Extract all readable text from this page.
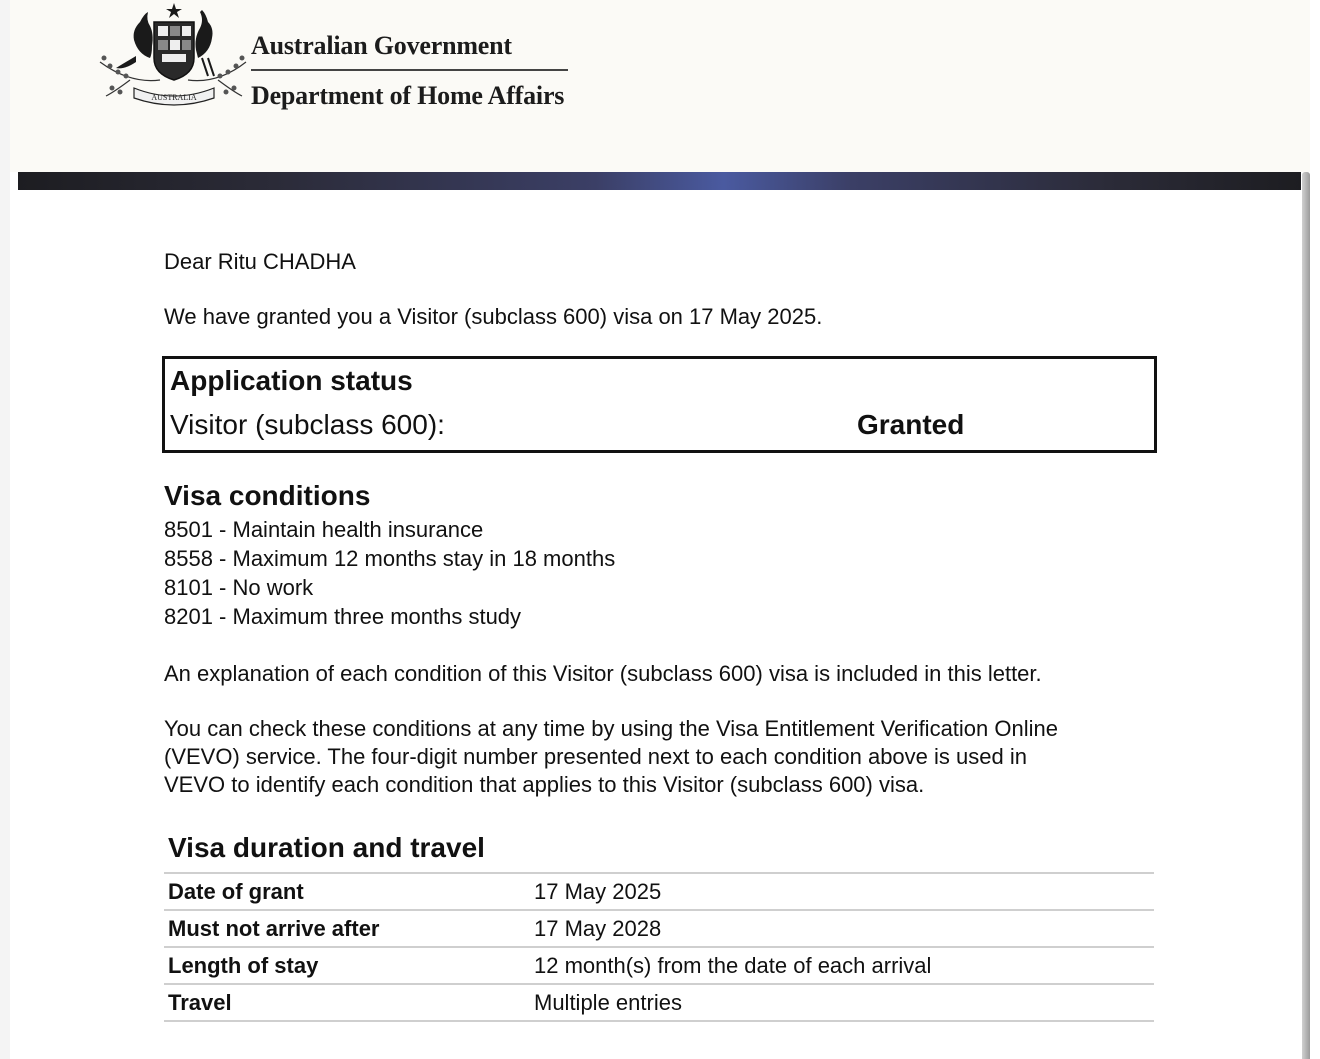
AUSTRALIA
Australian Government
Department of Home Affairs
Dear Ritu CHADHA
We have granted you a Visitor (subclass 600) visa on 17 May 2025.
Application status
Visitor (subclass 600):	Granted
Visa conditions
8501 - Maintain health insurance
8558 - Maximum 12 months stay in 18 months
8101 - No work
8201 - Maximum three months study
An explanation of each condition of this Visitor (subclass 600) visa is included in this letter.
You can check these conditions at any time by using the Visa Entitlement Verification Online
(VEVO) service. The four-digit number presented next to each condition above is used in
VEVO to identify each condition that applies to this Visitor (subclass 600) visa.
Visa duration and travel
Date of grant	17 May 2025
Must not arrive after	17 May 2028
Length of stay	12 month(s) from the date of each arrival
Travel	Multiple entries
